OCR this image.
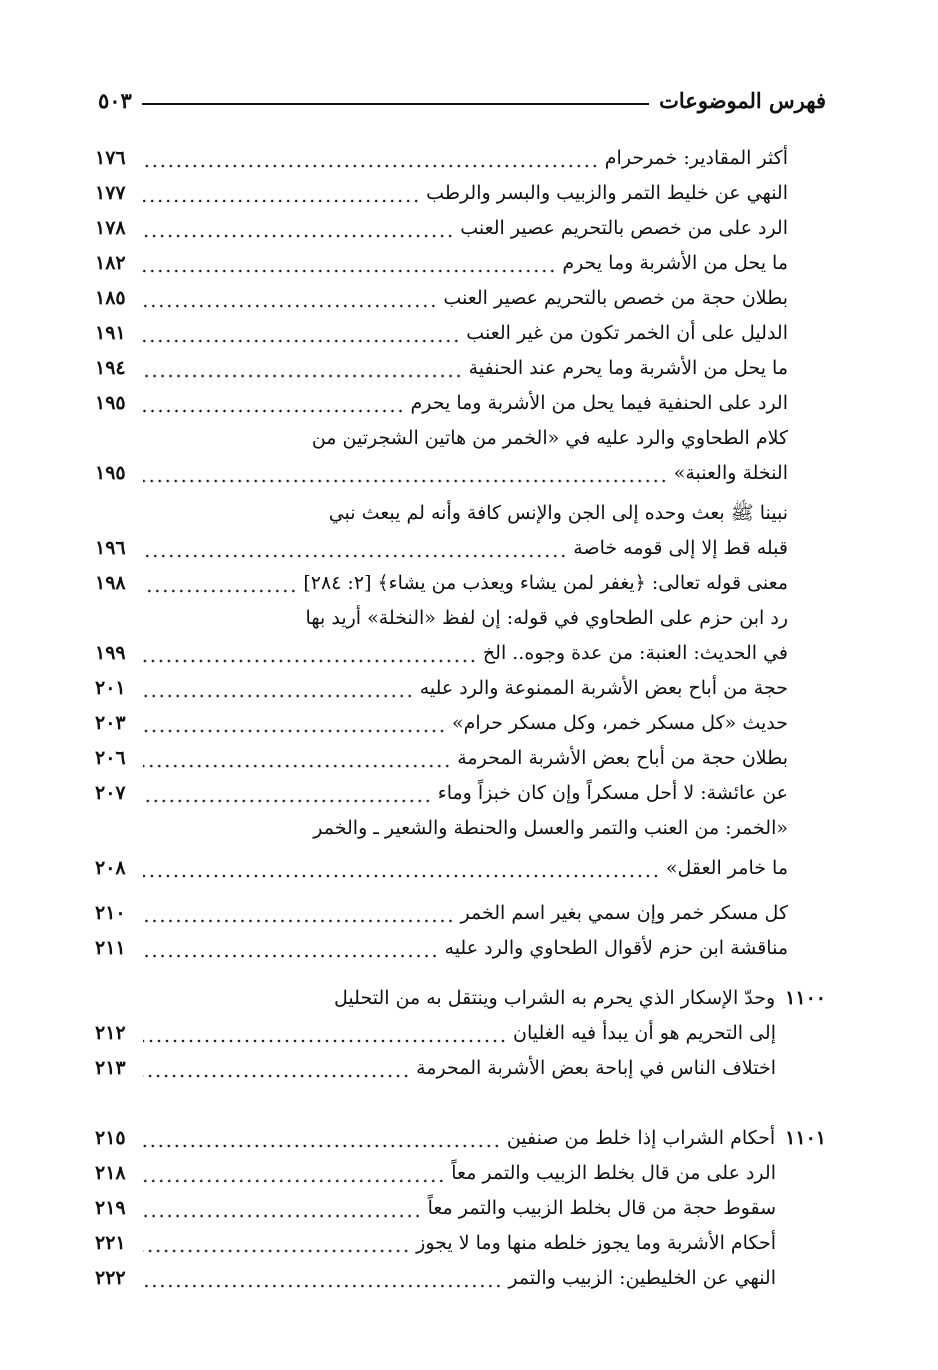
فهرس الموضوعات
٥٠٣
أكثر المقادير: خمرحرام
١٧٦
النهي عن خليط التمر والزبيب والبسر والرطب
١٧٧
الرد على من خصص بالتحريم عصير العنب
١٧٨
ما يحل من الأشربة وما يحرم
١٨٢
بطلان حجة من خصص بالتحريم عصير العنب
١٨٥
الدليل على أن الخمر تكون من غير العنب
١٩١
ما يحل من الأشربة وما يحرم عند الحنفية
١٩٤
الرد على الحنفية فيما يحل من الأشربة وما يحرم
١٩٥
كلام الطحاوي والرد عليه في «الخمر من هاتين الشجرتين من
النخلة والعنبة»
١٩٥
نبينا ﷺ بعث وحده إلى الجن والإنس كافة وأنه لم يبعث نبي
قبله قط إلا إلى قومه خاصة
١٩٦
معنى قوله تعالى: ﴿يغفر لمن يشاء ويعذب من يشاء﴾ [٢: ٢٨٤]
١٩٨
رد ابن حزم على الطحاوي في قوله: إن لفظ «النخلة» أريد بها
في الحديث: العنبة: من عدة وجوه.. الخ
١٩٩
حجة من أباح بعض الأشربة الممنوعة والرد عليه
٢٠١
حديث «كل مسكر خمر، وكل مسكر حرام»
٢٠٣
بطلان حجة من أباح بعض الأشربة المحرمة
٢٠٦
عن عائشة: لا أحل مسكراً وإن كان خبزاً وماء
٢٠٧
«الخمر: من العنب والتمر والعسل والحنطة والشعير ـ والخمر
ما خامر العقل»
٢٠٨
كل مسكر خمر وإن سمي بغير اسم الخمر
٢١٠
مناقشة ابن حزم لأقوال الطحاوي والرد عليه
٢١١
١١٠٠
وحدّ الإسكار الذي يحرم به الشراب وينتقل به من التحليل
إلى التحريم هو أن يبدأ فيه الغليان
٢١٢
اختلاف الناس في إباحة بعض الأشربة المحرمة
٢١٣
١١٠١
أحكام الشراب إذا خلط من صنفين
٢١٥
الرد على من قال بخلط الزبيب والتمر معاً
٢١٨
سقوط حجة من قال بخلط الزبيب والتمر معاً
٢١٩
أحكام الأشربة وما يجوز خلطه منها وما لا يجوز
٢٢١
النهي عن الخليطين: الزبيب والتمر
٢٢٢
